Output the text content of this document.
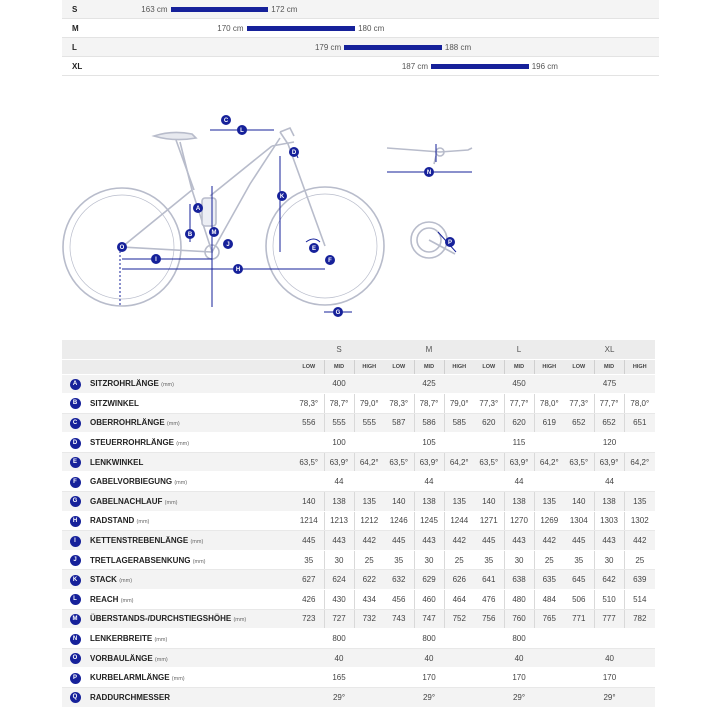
S	163 cm	172 cm
M	170 cm	180 cm
L	179 cm	188 cm
XL	187 cm	196 cm
C
L
D
K
A
B	M
J
O
I
H
E
F
G
N
P
		S			M			L			XL		
		LOW	MID	HIGH	LOW	MID	HIGH	LOW	MID	HIGH	LOW	MID	HIGH
A	SITZROHRLÄNGE (mm)	400			425			450			475		
B	SITZWINKEL	78,3°	78,7°	79,0°	78,3°	78,7°	79,0°	77,3°	77,7°	78,0°	77,3°	77,7°	78,0°
C	OBERROHRLÄNGE (mm)	556	555	555	587	586	585	620	620	619	652	652	651
D	STEUERROHRLÄNGE (mm)	100			105			115			120		
E	LENKWINKEL	63,5°	63,9°	64,2°	63,5°	63,9°	64,2°	63,5°	63,9°	64,2°	63,5°	63,9°	64,2°
F	GABELVORBIEGUNG (mm)	44			44			44			44		
G	GABELNACHLAUF (mm)	140	138	135	140	138	135	140	138	135	140	138	135
H	RADSTAND (mm)	1214	1213	1212	1246	1245	1244	1271	1270	1269	1304	1303	1302
I	KETTENSTREBENLÄNGE (mm)	445	443	442	445	443	442	445	443	442	445	443	442
J	TRETLAGERABSENKUNG (mm)	35	30	25	35	30	25	35	30	25	35	30	25
K	STACK (mm)	627	624	622	632	629	626	641	638	635	645	642	639
L	REACH (mm)	426	430	434	456	460	464	476	480	484	506	510	514
M	ÜBERSTANDS-/DURCHSTIEGSHÖHE (mm)	723	727	732	743	747	752	756	760	765	771	777	782
N	LENKERBREITE (mm)	800			800			800					
O	VORBAULÄNGE (mm)	40			40			40			40		
P	KURBELARMLÄNGE (mm)	165			170			170			170		
Q	RADDURCHMESSER	29°			29°			29°			29°		
